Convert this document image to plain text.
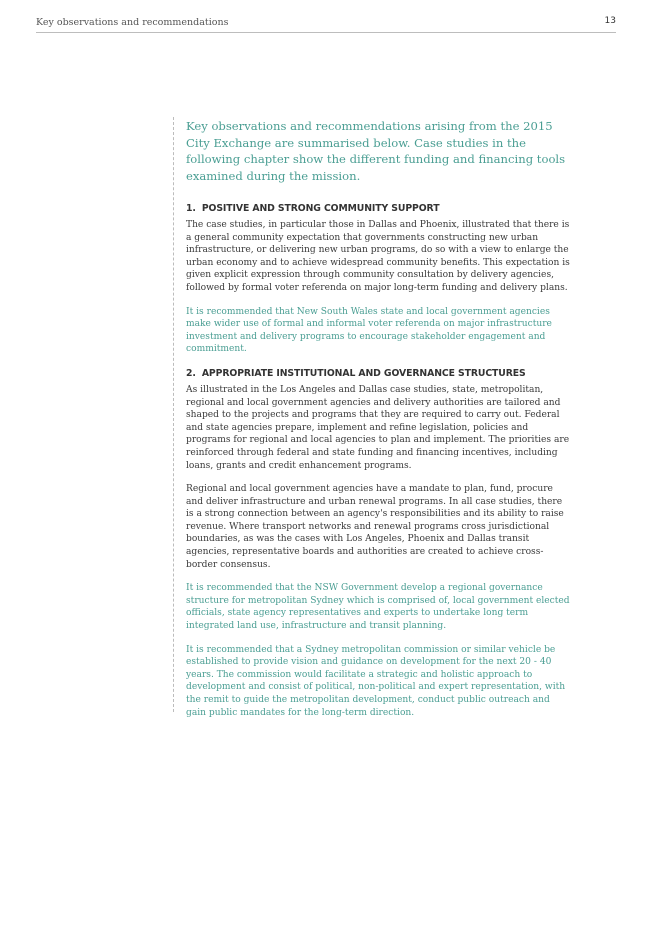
Key observations and recommendations	13

Key observations and recommendations arising from the 2015 City Exchange are summarised below. Case studies in the following chapter show the different funding and financing tools examined during the mission.

1. POSITIVE AND STRONG COMMUNITY SUPPORT

The case studies, in particular those in Dallas and Phoenix, illustrated that there is a general community expectation that governments constructing new urban infrastructure, or delivering new urban programs, do so with a view to enlarge the urban economy and to achieve widespread community benefits. This expectation is given explicit expression through community consultation by delivery agencies, followed by formal voter referenda on major long-term funding and delivery plans.

It is recommended that New South Wales state and local government agencies make wider use of formal and informal voter referenda on major infrastructure investment and delivery programs to encourage stakeholder engagement and commitment.

2. APPROPRIATE INSTITUTIONAL AND GOVERNANCE STRUCTURES

As illustrated in the Los Angeles and Dallas case studies, state, metropolitan, regional and local government agencies and delivery authorities are tailored and shaped to the projects and programs that they are required to carry out. Federal and state agencies prepare, implement and refine legislation, policies and programs for regional and local agencies to plan and implement. The priorities are reinforced through federal and state funding and financing incentives, including loans, grants and credit enhancement programs.

Regional and local government agencies have a mandate to plan, fund, procure and deliver infrastructure and urban renewal programs. In all case studies, there is a strong connection between an agency's responsibilities and its ability to raise revenue. Where transport networks and renewal programs cross jurisdictional boundaries, as was the cases with Los Angeles, Phoenix and Dallas transit agencies, representative boards and authorities are created to achieve cross-border consensus.

It is recommended that the NSW Government develop a regional governance structure for metropolitan Sydney which is comprised of, local government elected officials, state agency representatives and experts to undertake long term integrated land use, infrastructure and transit planning.

It is recommended that a Sydney metropolitan commission or similar vehicle be established to provide vision and guidance on development for the next 20 - 40 years. The commission would facilitate a strategic and holistic approach to development and consist of political, non-political and expert representation, with the remit to guide the metropolitan development, conduct public outreach and gain public mandates for the long-term direction.
